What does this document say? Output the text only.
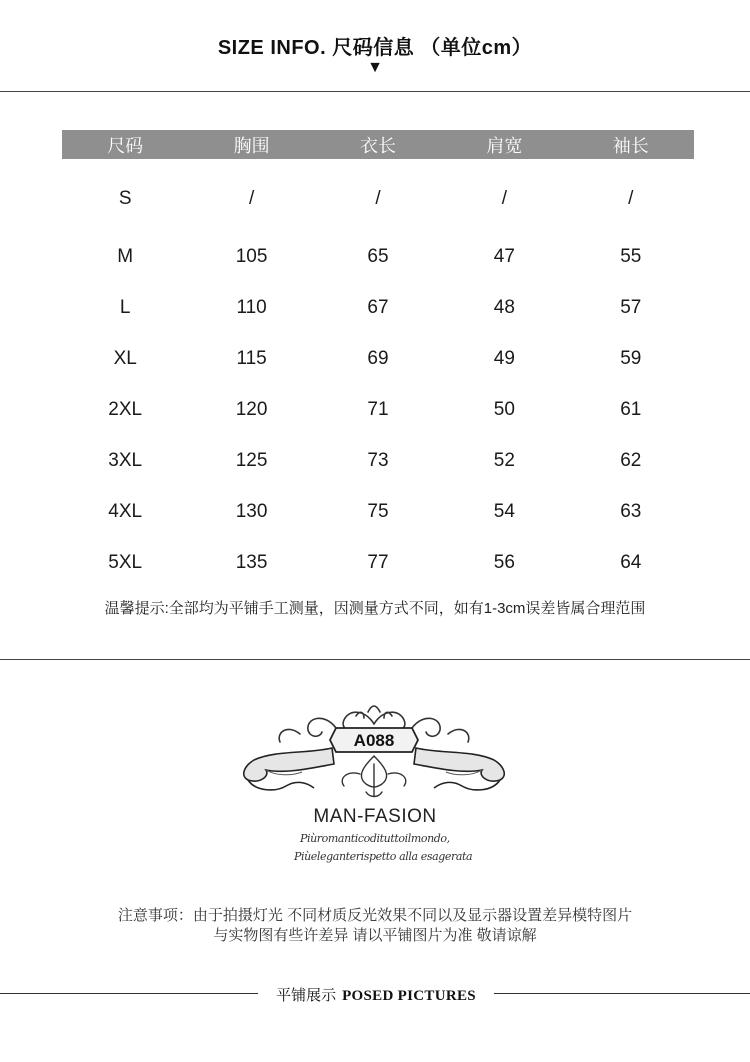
SIZE INFO. 尺码信息 （单位cm）
▼
尺码	胸围	衣长	肩宽	袖长
S	/	/	/	/
M	105	65	47	55
L	110	67	48	57
XL	115	69	49	59
2XL	120	71	50	61
3XL	125	73	52	62
4XL	130	75	54	63
5XL	135	77	56	64
温馨提示:全部均为平铺手工测量，因测量方式不同，如有1-3cm误差皆属合理范围
A088
MAN-FASION
Piùromanticodituttoilmondo,
Piùeleganterispetto alla esagerata
注意事项：由于拍摄灯光 不同材质反光效果不同以及显示器设置差异模特图片
与实物图有些许差异 请以平铺图片为准 敬请谅解
平铺展示 POSED PICTURES
